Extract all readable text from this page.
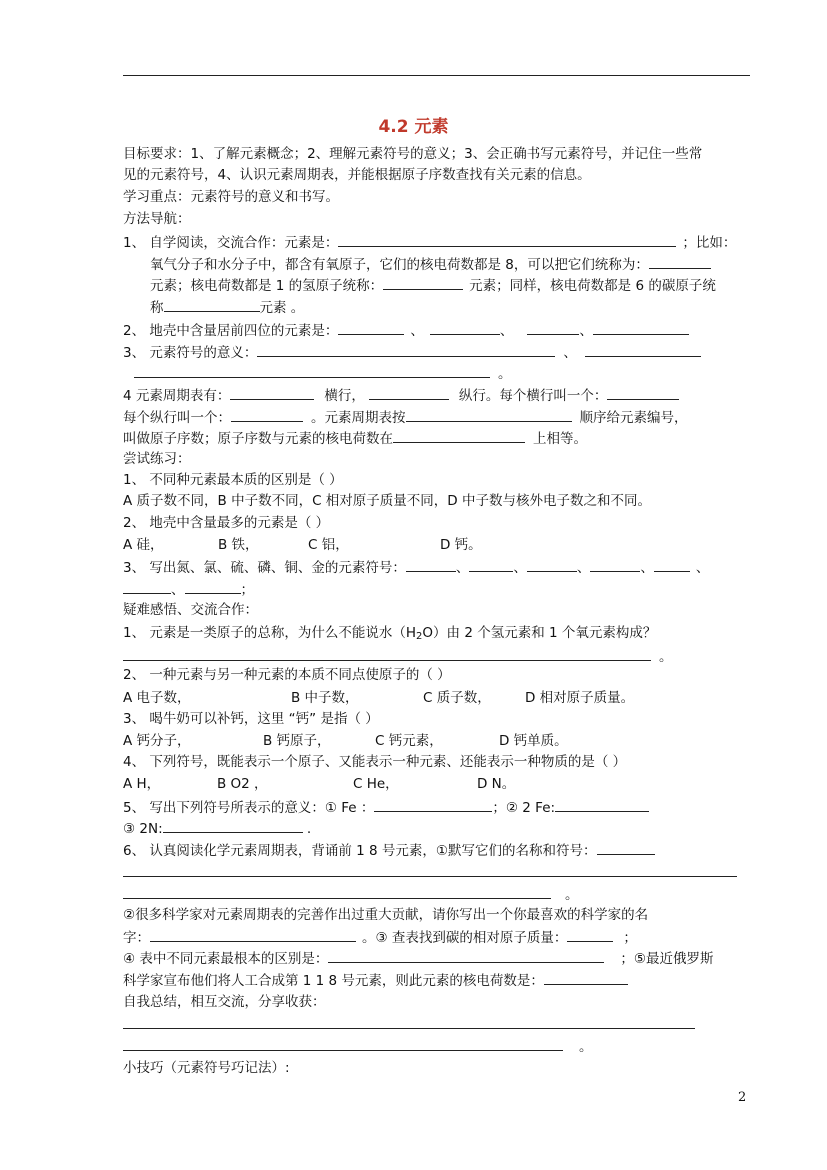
4.2 元素
目标要求：1、了解元素概念；2、理解元素符号的意义；3、会正确书写元素符号，并记住一些常
见的元素符号，4、认识元素周期表，并能根据原子序数查找有关元素的信息。
学习重点：元素符号的意义和书写。
方法导航：
1、 自学阅读，交流合作：元素是：	；比如：
氧气分子和水分子中，都含有氧原子，它们的核电荷数都是 8，可以把它们统称为：
元素；核电荷数都是 1 的氢原子统称：	元素；同样，核电荷数都是 6 的碳原子统
称	元素 。
2、 地壳中含量居前四位的元素是：	、	、	、
3、 元素符号的意义：	、
。
4 元素周期表有：	横行，	纵行。每个横行叫一个：
每个纵行叫一个：	。元素周期表按	顺序给元素编号，
叫做原子序数；原子序数与元素的核电荷数在	上相等。
尝试练习：
1、 不同种元素最本质的区别是（ ）
A 质子数不同，B 中子数不同，C 相对原子质量不同，D 中子数与核外电子数之和不同。
2、 地壳中含量最多的元素是（ ）
A 硅，	B 铁，	C 铝，	D 钙。
3、 写出氮、氯、硫、磷、铜、金的元素符号：	、	、	、	、	、
、	；
疑难感悟、交流合作：
1、 元素是一类原子的总称，为什么不能说水$(H_2O)$由 2 个氢元素和 1 个氧元素构成？
。
2、 一种元素与另一种元素的本质不同点使原子的（ ）
A 电子数，	B 中子数，	C 质子数，	D 相对原子质量。
3、 喝牛奶可以补钙，这里 “钙” 是指（ ）
A 钙分子，	B 钙原子，	C 钙元素，	D 钙单质。
4、 下列符号，既能表示一个原子、又能表示一种元素、还能表示一种物质的是（ ）
A H，	B O2 ，	C He，	D N。
5、 写出下列符号所表示的意义：① Fe ：	；② 2 Fe:
③ 2N:	.
6、 认真阅读化学元素周期表，背诵前 1 8 号元素，①默写它们的名称和符号：
。
②很多科学家对元素周期表的完善作出过重大贡献，请你写出一个你最喜欢的科学家的名
字：	。③ 查表找到碳的相对原子质量：	；
④ 表中不同元素最根本的区别是：	；⑤最近俄罗斯
科学家宣布他们将人工合成第 1 1 8 号元素，则此元素的核电荷数是：
自我总结，相互交流，分享收获：
。
小技巧（元素符号巧记法）:
2
